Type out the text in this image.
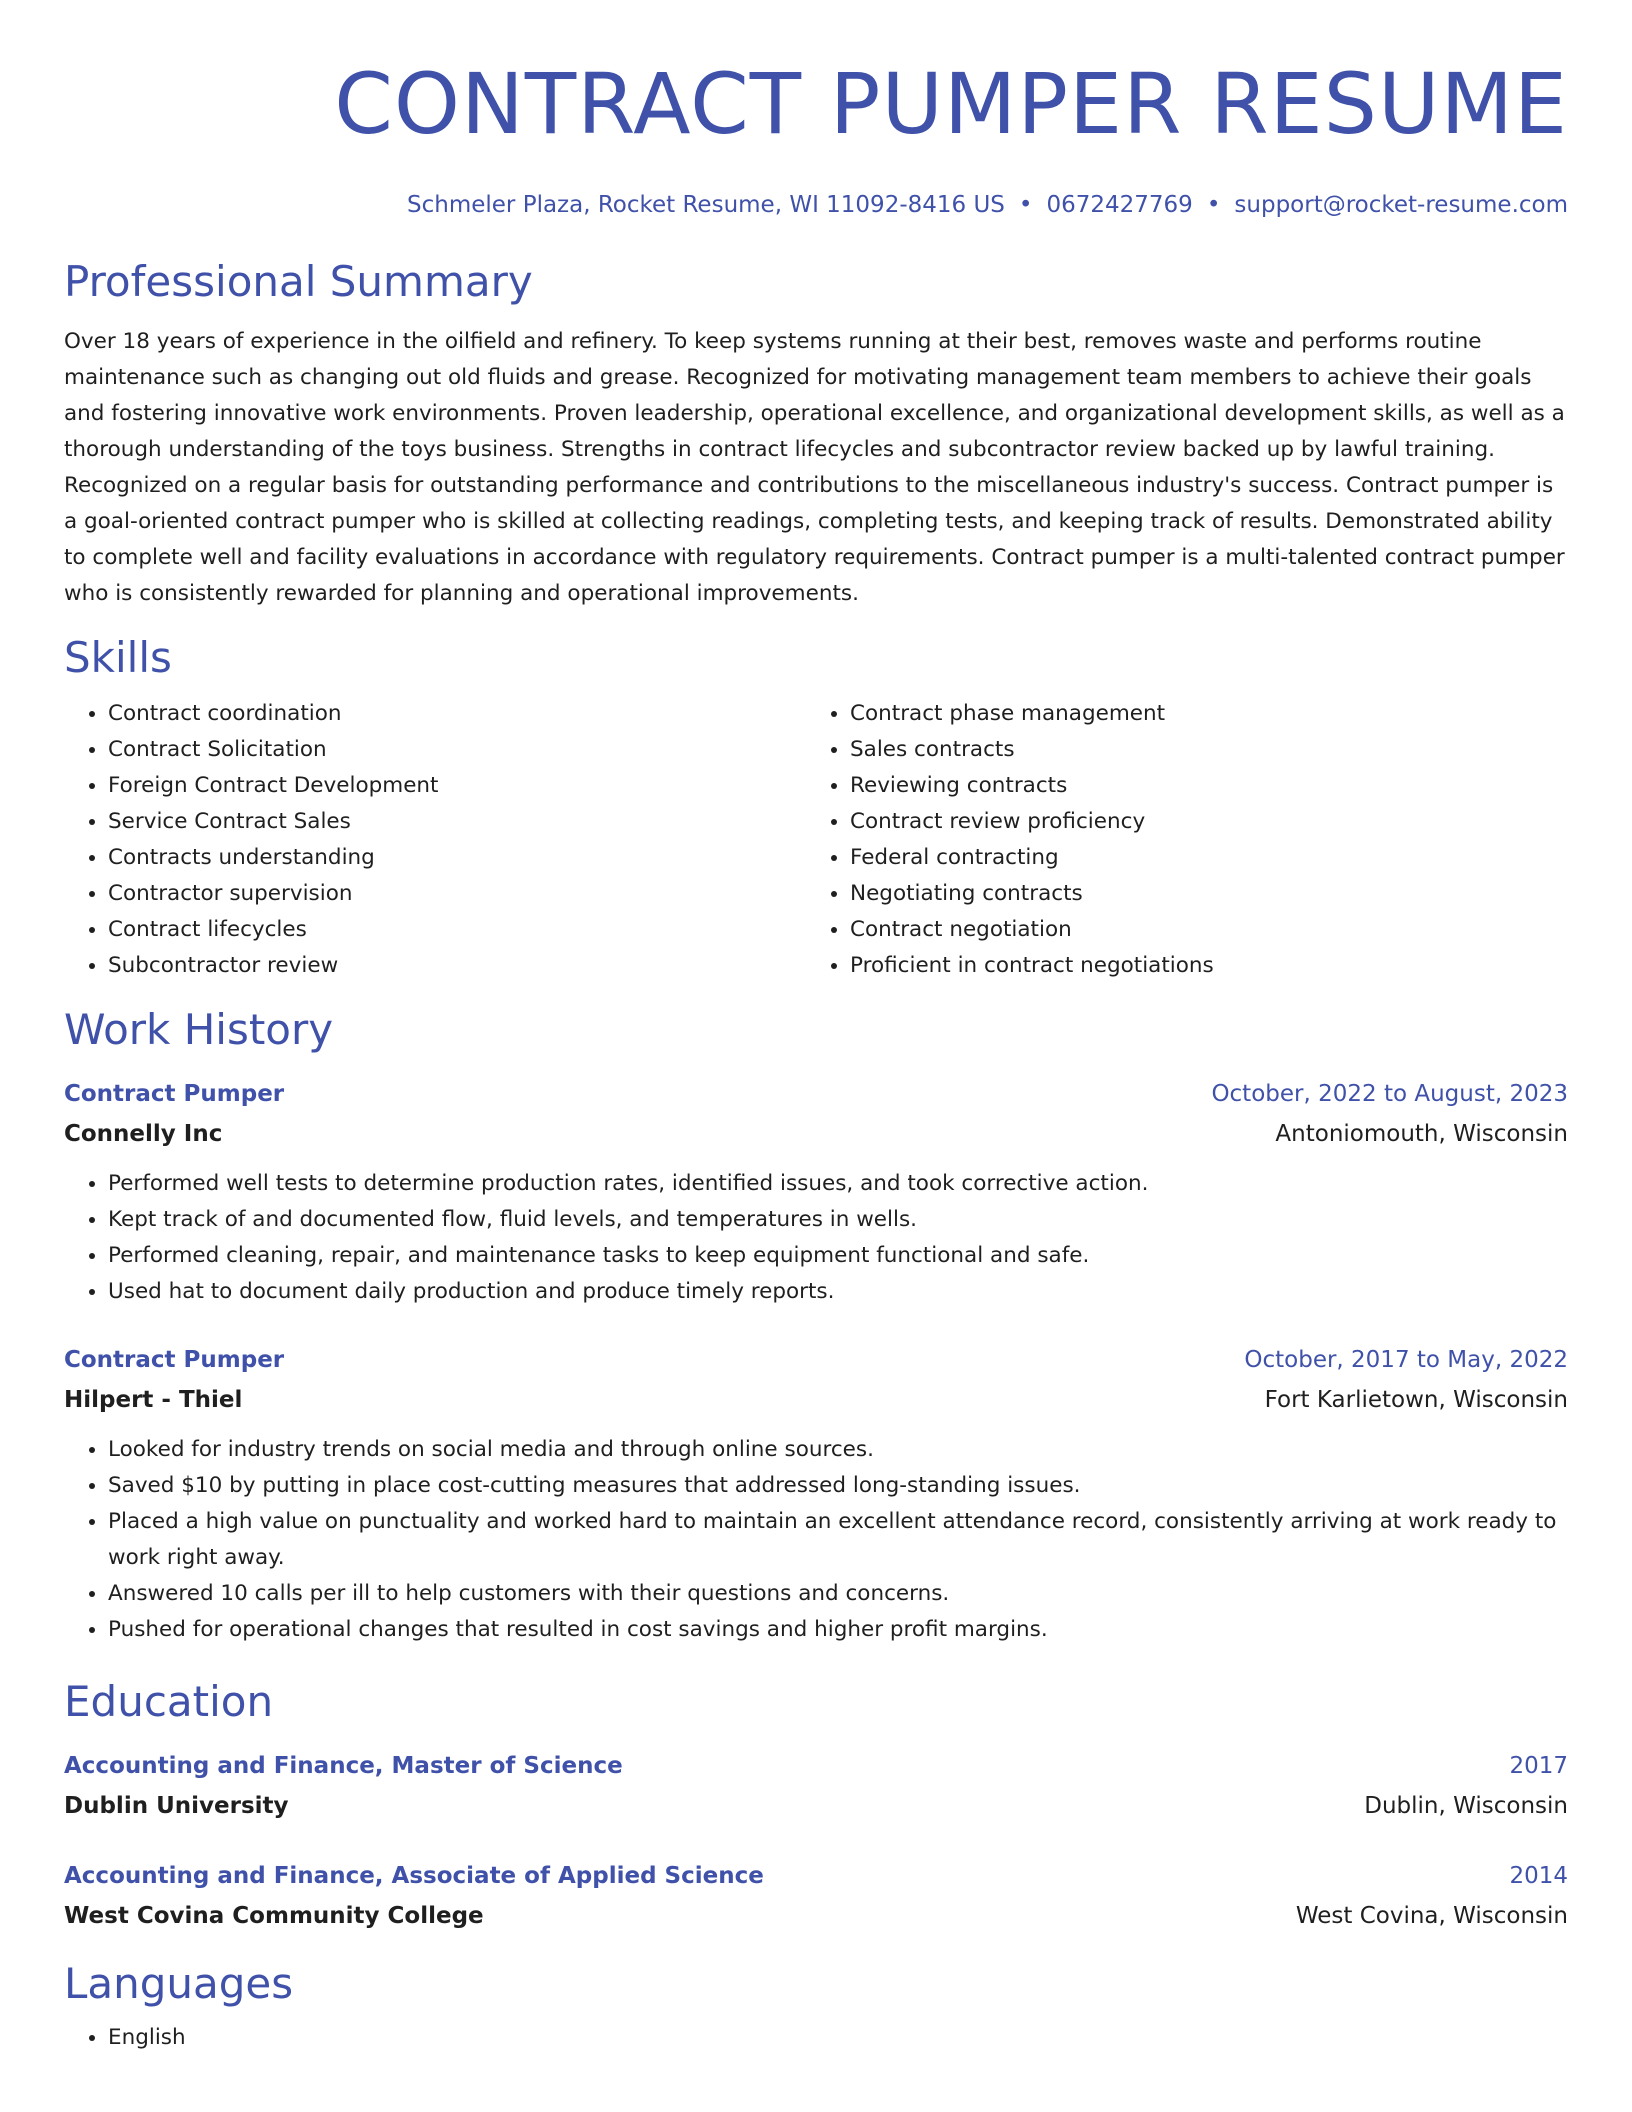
CONTRACT PUMPER RESUME
Schmeler Plaza, Rocket Resume, WI 11092-8416 US • 0672427769 • support@rocket-resume.com
Professional Summary
Over 18 years of experience in the oilfield and refinery. To keep systems running at their best, removes waste and performs routine maintenance such as changing out old fluids and grease. Recognized for motivating management team members to achieve their goals and fostering innovative work environments. Proven leadership, operational excellence, and organizational development skills, as well as a thorough understanding of the toys business. Strengths in contract lifecycles and subcontractor review backed up by lawful training. Recognized on a regular basis for outstanding performance and contributions to the miscellaneous industry's success. Contract pumper is a goal-oriented contract pumper who is skilled at collecting readings, completing tests, and keeping track of results. Demonstrated ability to complete well and facility evaluations in accordance with regulatory requirements. Contract pumper is a multi-talented contract pumper who is consistently rewarded for planning and operational improvements.
Skills
• Contract coordination
• Contract Solicitation
• Foreign Contract Development
• Service Contract Sales
• Contracts understanding
• Contractor supervision
• Contract lifecycles
• Subcontractor review
• Contract phase management
• Sales contracts
• Reviewing contracts
• Contract review proficiency
• Federal contracting
• Negotiating contracts
• Contract negotiation
• Proficient in contract negotiations
Work History
Contract Pumper	October, 2022 to August, 2023
Connelly Inc	Antoniomouth, Wisconsin
• Performed well tests to determine production rates, identified issues, and took corrective action.
• Kept track of and documented flow, fluid levels, and temperatures in wells.
• Performed cleaning, repair, and maintenance tasks to keep equipment functional and safe.
• Used hat to document daily production and produce timely reports.
Contract Pumper	October, 2017 to May, 2022
Hilpert - Thiel	Fort Karlietown, Wisconsin
• Looked for industry trends on social media and through online sources.
• Saved $10 by putting in place cost-cutting measures that addressed long-standing issues.
• Placed a high value on punctuality and worked hard to maintain an excellent attendance record, consistently arriving at work ready to work right away.
• Answered 10 calls per ill to help customers with their questions and concerns.
• Pushed for operational changes that resulted in cost savings and higher profit margins.
Education
Accounting and Finance, Master of Science	2017
Dublin University	Dublin, Wisconsin
Accounting and Finance, Associate of Applied Science	2014
West Covina Community College	West Covina, Wisconsin
Languages
• English
